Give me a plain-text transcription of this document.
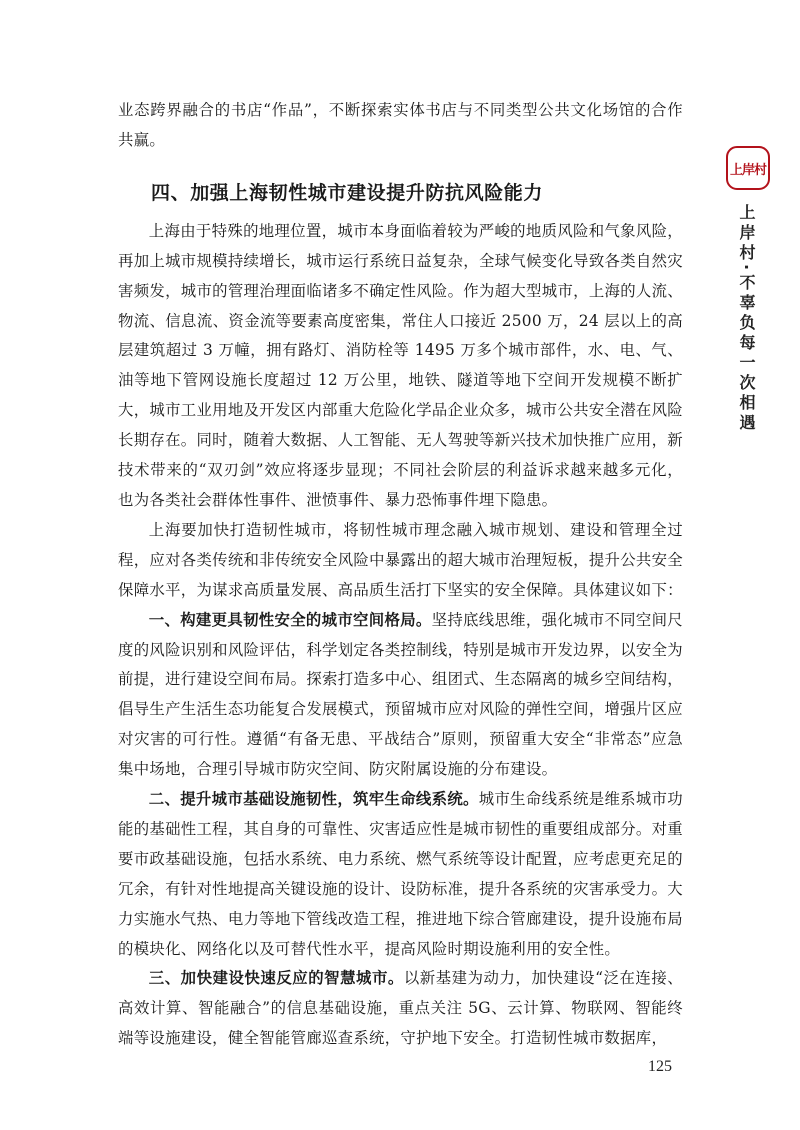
业态跨界融合的书店“作品”，不断探索实体书店与不同类型公共文化场馆的合作共赢。

四、加强上海韧性城市建设提升防抗风险能力

上海由于特殊的地理位置，城市本身面临着较为严峻的地质风险和气象风险，再加上城市规模持续增长，城市运行系统日益复杂，全球气候变化导致各类自然灾害频发，城市的管理治理面临诸多不确定性风险。作为超大型城市，上海的人流、物流、信息流、资金流等要素高度密集，常住人口接近 2500 万，24 层以上的高层建筑超过 3 万幢，拥有路灯、消防栓等 1495 万多个城市部件，水、电、气、油等地下管网设施长度超过 12 万公里，地铁、隧道等地下空间开发规模不断扩大，城市工业用地及开发区内部重大危险化学品企业众多，城市公共安全潜在风险长期存在。同时，随着大数据、人工智能、无人驾驶等新兴技术加快推广应用，新技术带来的“双刃剑”效应将逐步显现；不同社会阶层的利益诉求越来越多元化，也为各类社会群体性事件、泄愤事件、暴力恐怖事件埋下隐患。

上海要加快打造韧性城市，将韧性城市理念融入城市规划、建设和管理全过程，应对各类传统和非传统安全风险中暴露出的超大城市治理短板，提升公共安全保障水平，为谋求高质量发展、高品质生活打下坚实的安全保障。具体建议如下：

一、构建更具韧性安全的城市空间格局。坚持底线思维，强化城市不同空间尺度的风险识别和风险评估，科学划定各类控制线，特别是城市开发边界，以安全为前提，进行建设空间布局。探索打造多中心、组团式、生态隔离的城乡空间结构，倡导生产生活生态功能复合发展模式，预留城市应对风险的弹性空间，增强片区应对灾害的可行性。遵循“有备无患、平战结合”原则，预留重大安全“非常态”应急集中场地，合理引导城市防灾空间、防灾附属设施的分布建设。

二、提升城市基础设施韧性，筑牢生命线系统。城市生命线系统是维系城市功能的基础性工程，其自身的可靠性、灾害适应性是城市韧性的重要组成部分。对重要市政基础设施，包括水系统、电力系统、燃气系统等设计配置，应考虑更充足的冗余，有针对性地提高关键设施的设计、设防标准，提升各系统的灾害承受力。大力实施水气热、电力等地下管线改造工程，推进地下综合管廊建设，提升设施布局的模块化、网络化以及可替代性水平，提高风险时期设施利用的安全性。

三、加快建设快速反应的智慧城市。以新基建为动力，加快建设“泛在连接、高效计算、智能融合”的信息基础设施，重点关注 5G、云计算、物联网、智能终端等设施建设，健全智能管廊巡查系统，守护地下安全。打造韧性城市数据库，

上岸村
上岸村·不辜负每一次相遇
125
